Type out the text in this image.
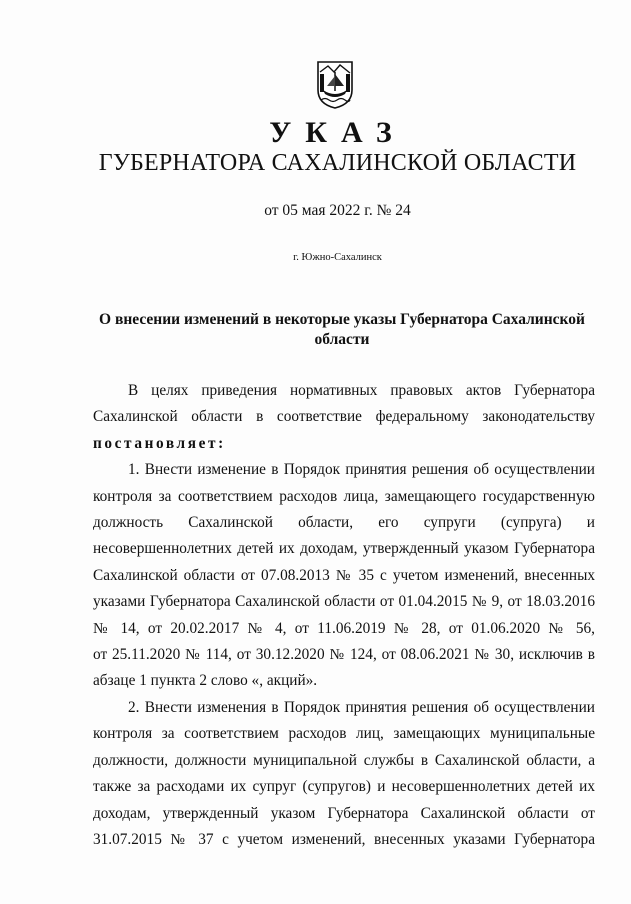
УКАЗ
ГУБЕРНАТОРА САХАЛИНСКОЙ ОБЛАСТИ
от 05 мая 2022 г. № 24
г. Южно-Сахалинск
О внесении изменений в некоторые указы Губернатора Сахалинской
области
В целях приведения нормативных правовых актов Губернатора
Сахалинской области в соответствие федеральному законодательству
постановляет:
1. Внести изменение в Порядок принятия решения об осуществлении
контроля за соответствием расходов лица, замещающего государственную
должность Сахалинской области, его супруги (супруга) и
несовершеннолетних детей их доходам, утвержденный указом Губернатора
Сахалинской области от 07.08.2013 № 35 с учетом изменений, внесенных
указами Губернатора Сахалинской области от 01.04.2015 № 9, от 18.03.2016
№ 14, от 20.02.2017 № 4, от 11.06.2019 № 28, от 01.06.2020 № 56,
от 25.11.2020 № 114, от 30.12.2020 № 124, от 08.06.2021 № 30, исключив в
абзаце 1 пункта 2 слово «, акций».
2. Внести изменения в Порядок принятия решения об осуществлении
контроля за соответствием расходов лиц, замещающих муниципальные
должности, должности муниципальной службы в Сахалинской области, а
также за расходами их супруг (супругов) и несовершеннолетних детей их
доходам, утвержденный указом Губернатора Сахалинской области от
31.07.2015 № 37 с учетом изменений, внесенных указами Губернатора
